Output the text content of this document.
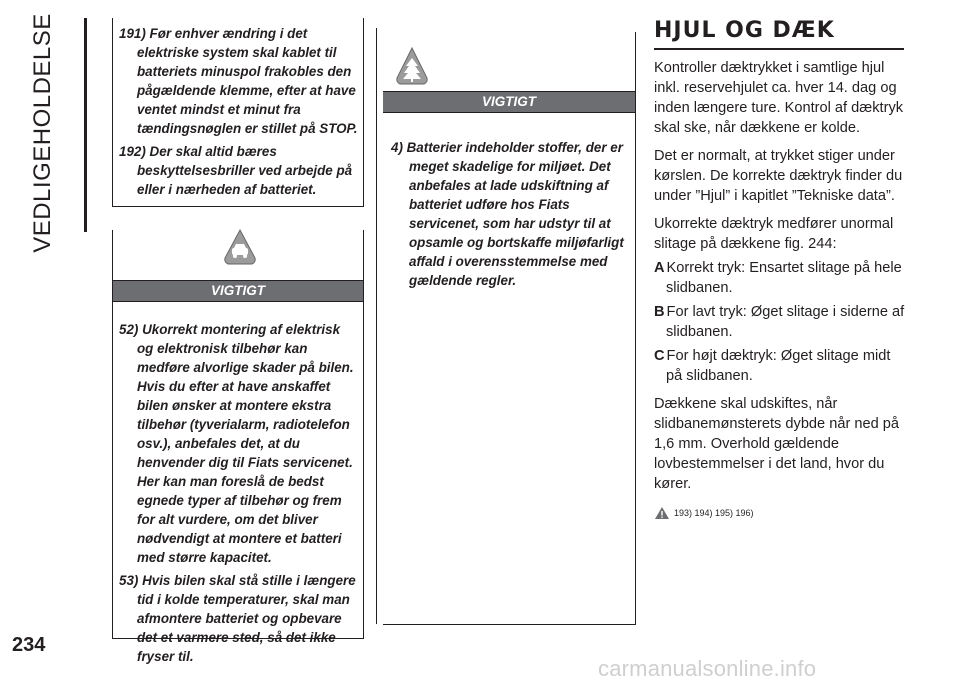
VEDLIGEHOLDELSE
234
191) Før enhver ændring i det elektriske system skal kablet til batteriets minuspol frakobles den pågældende klemme, efter at have ventet mindst et minut fra tændingsnøglen er stillet på STOP.
192) Der skal altid bæres beskyttelsesbriller ved arbejde på eller i nærheden af batteriet.
VIGTIGT
52) Ukorrekt montering af elektrisk og elektronisk tilbehør kan medføre alvorlige skader på bilen. Hvis du efter at have anskaffet bilen ønsker at montere ekstra tilbehør (tyverialarm, radiotelefon osv.), anbefales det, at du henvender dig til Fiats servicenet. Her kan man foreslå de bedst egnede typer af tilbehør og frem for alt vurdere, om det bliver nødvendigt at montere et batteri med større kapacitet.
53) Hvis bilen skal stå stille i længere tid i kolde temperaturer, skal man afmontere batteriet og opbevare det et varmere sted, så det ikke fryser til.
VIGTIGT
4) Batterier indeholder stoffer, der er meget skadelige for miljøet. Det anbefales at lade udskiftning af batteriet udføre hos Fiats servicenet, som har udstyr til at opsamle og bortskaffe miljøfarligt affald i overensstemmelse med gældende regler.
HJUL OG DÆK

Kontroller dæktrykket i samtlige hjul inkl. reservehjulet ca. hver 14. dag og inden længere ture. Kontrol af dæktryk skal ske, når dækkene er kolde.

Det er normalt, at trykket stiger under kørslen. De korrekte dæktryk finder du under ”Hjul” i kapitlet ”Tekniske data”.

Ukorrekte dæktryk medfører unormal slitage på dækkene fig. 244:

A Korrekt tryk: Ensartet slitage på hele slidbanen.
B For lavt tryk: Øget slitage i siderne af slidbanen.
C For højt dæktryk: Øget slitage midt på slidbanen.

Dækkene skal udskiftes, når slidbanemønsterets dybde når ned på 1,6 mm. Overhold gældende lovbestemmelser i det land, hvor du kører.

193) 194) 195) 196)
carmanualsonline.info
